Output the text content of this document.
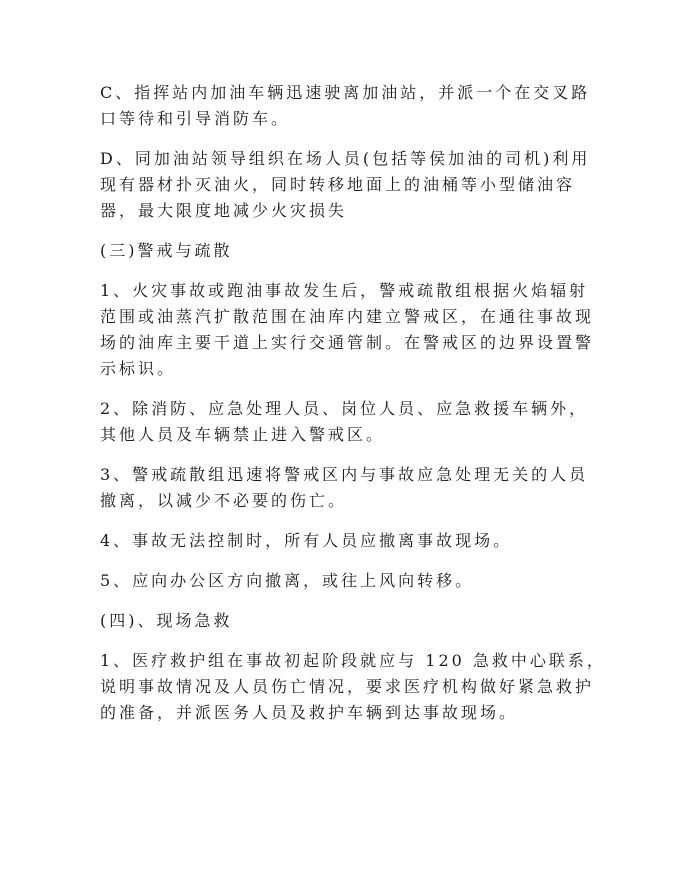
C、指挥站内加油车辆迅速驶离加油站，并派一个在交叉路
口等待和引导消防车。
D、同加油站领导组织在场人员(包括等侯加油的司机)利用
现有器材扑灭油火，同时转移地面上的油桶等小型储油容
器，最大限度地减少火灾损失
(三)警戒与疏散
1、火灾事故或跑油事故发生后，警戒疏散组根据火焰辐射
范围或油蒸汽扩散范围在油库内建立警戒区，在通往事故现
场的油库主要干道上实行交通管制。在警戒区的边界设置警
示标识。
2、除消防、应急处理人员、岗位人员、应急救援车辆外，
其他人员及车辆禁止进入警戒区。
3、警戒疏散组迅速将警戒区内与事故应急处理无关的人员
撤离，以减少不必要的伤亡。
4、事故无法控制时，所有人员应撤离事故现场。
5、应向办公区方向撤离，或往上风向转移。
(四)、现场急救
1、医疗救护组在事故初起阶段就应与 120 急救中心联系，
说明事故情况及人员伤亡情况，要求医疗机构做好紧急救护
的准备，并派医务人员及救护车辆到达事故现场。
